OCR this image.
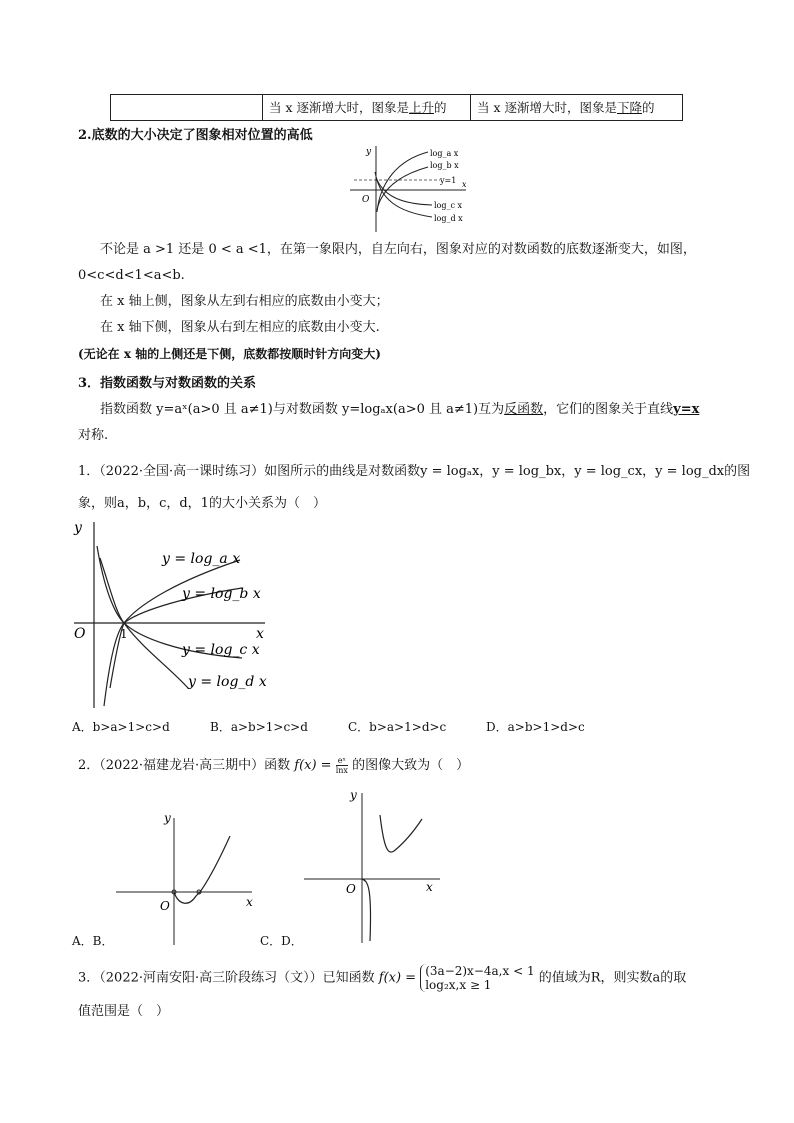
当 x 逐渐增大时，图象是上升的	当 x 逐渐增大时，图象是下降的
2.底数的大小决定了图象相对位置的高低
log_a x
log_b x
y=1
log_c x
log_d x
y
x
O
不论是 a >1 还是 0 < a <1，在第一象限内，自左向右，图象对应的对数函数的底数逐渐变大，如图，
0<c<d<1<a<b.
在 x 轴上侧，图象从左到右相应的底数由小变大；
在 x 轴下侧，图象从右到左相应的底数由小变大.
(无论在 x 轴的上侧还是下侧，底数都按顺时针方向变大)
3．指数函数与对数函数的关系
指数函数 y=aˣ(a>0 且 a≠1)与对数函数 y=logₐx(a>0 且 a≠1)互为反函数，它们的图象关于直线y=x
对称.
1．（2022·全国·高一课时练习）如图所示的曲线是对数函数y = logₐx，y = log_bx，y = log_cx，y = log_dx的图
象，则a，b，c，d，1的大小关系为（　）
y = log_a x
y = log_b x
y = log_c x
y = log_d x
y
x
O	1
A．b>a>1>c>d	B．a>b>1>c>d	C．b>a>1>d>c	D．a>b>1>d>c
2．（2022·福建龙岩·高三期中）函数 $f(x) = \frac{\text{eˣ}}{\ln x}$ 的图像大致为（　）
y
x
O
y
x
O
A．B．	C．D．
3．（2022·河南安阳·高三阶段练习（文））已知函数 f(x) = (3a−2)x−4a,x < 1
log₂x,x ≥ 1	的值域为R，则实数a的取
值范围是（　）
